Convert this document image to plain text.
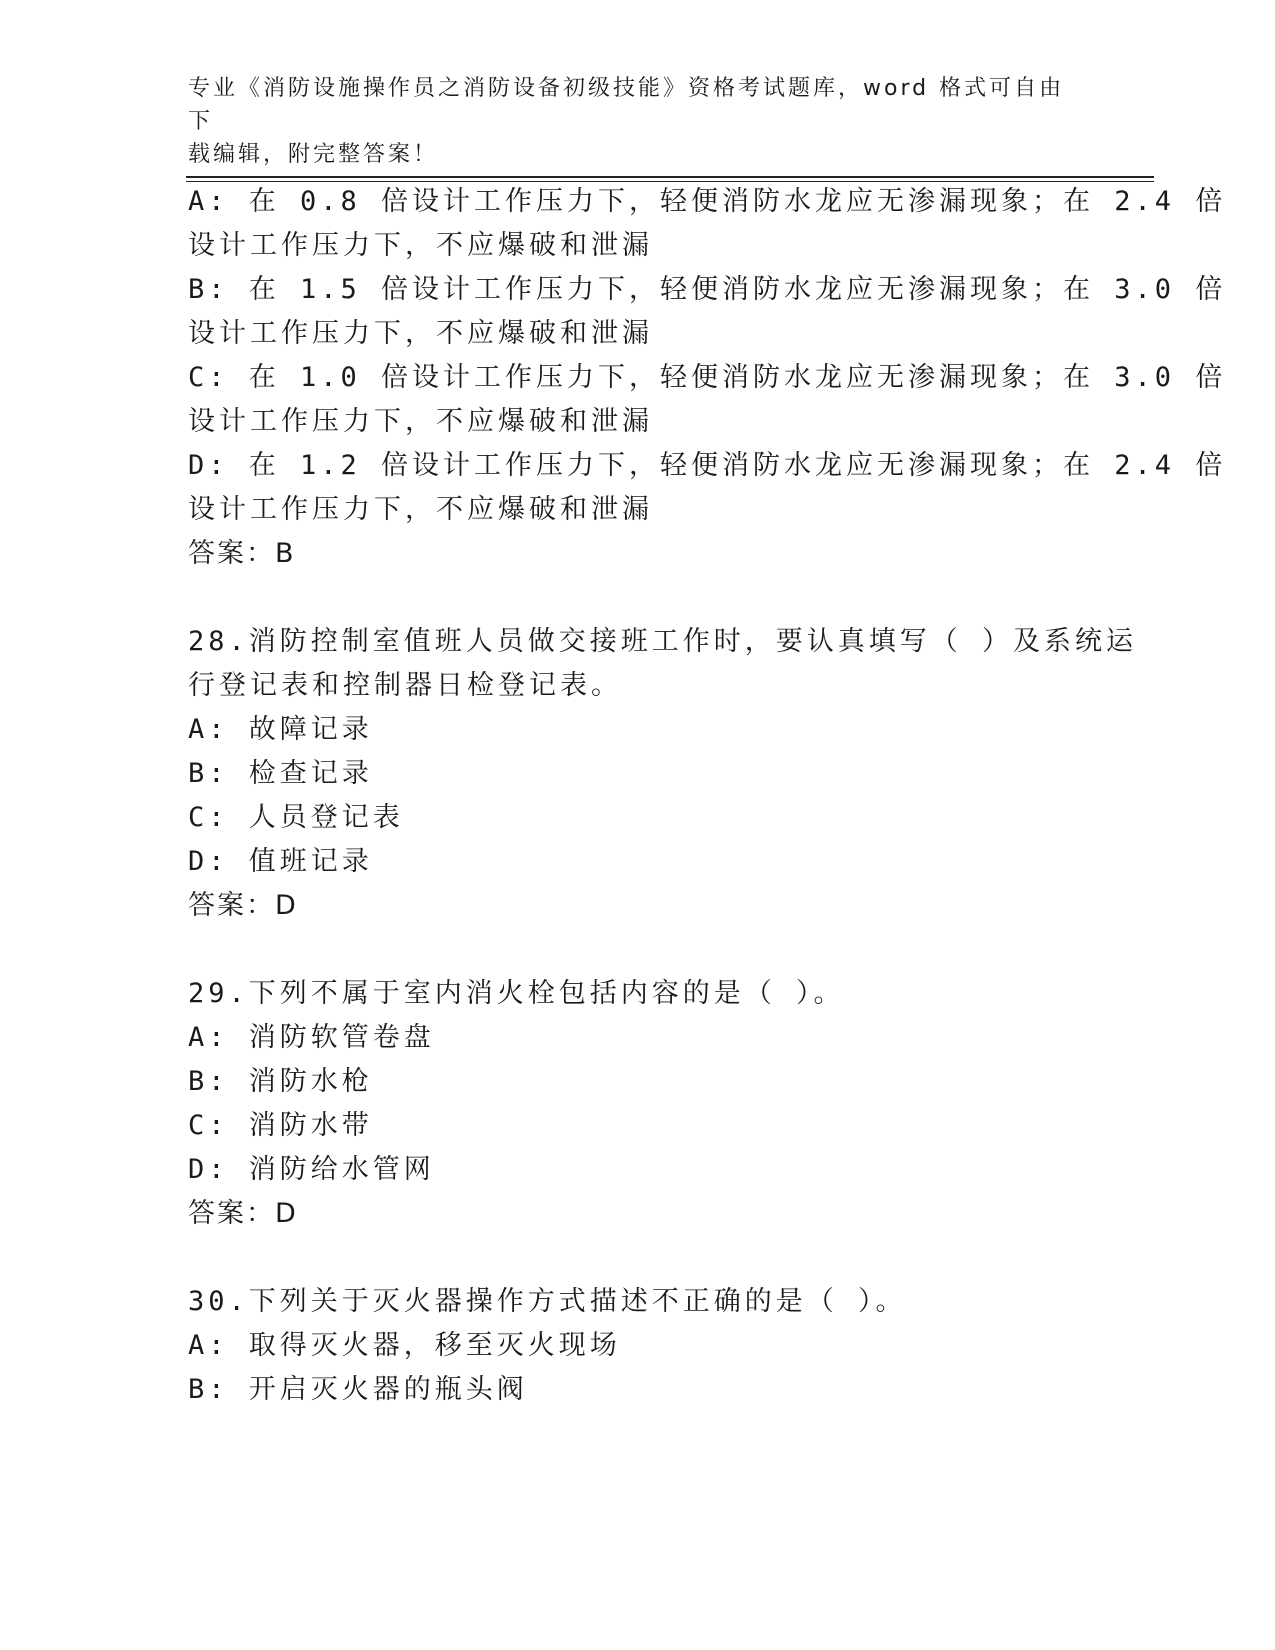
专业《消防设施操作员之消防设备初级技能》资格考试题库，word 格式可自由下
载编辑，附完整答案！
A: 在 0.8 倍设计工作压力下，轻便消防水龙应无渗漏现象；在 2.4 倍
设计工作压力下，不应爆破和泄漏
B: 在 1.5 倍设计工作压力下，轻便消防水龙应无渗漏现象；在 3.0 倍
设计工作压力下，不应爆破和泄漏
C: 在 1.0 倍设计工作压力下，轻便消防水龙应无渗漏现象；在 3.0 倍
设计工作压力下，不应爆破和泄漏
D: 在 1.2 倍设计工作压力下，轻便消防水龙应无渗漏现象；在 2.4 倍
设计工作压力下，不应爆破和泄漏
答案：B
28.消防控制室值班人员做交接班工作时，要认真填写（ ）及系统运
行登记表和控制器日检登记表。
A: 故障记录
B: 检查记录
C: 人员登记表
D: 值班记录
答案：D
29.下列不属于室内消火栓包括内容的是（ ）。
A: 消防软管卷盘
B: 消防水枪
C: 消防水带
D: 消防给水管网
答案：D
30.下列关于灭火器操作方式描述不正确的是（ ）。
A: 取得灭火器，移至灭火现场
B: 开启灭火器的瓶头阀
